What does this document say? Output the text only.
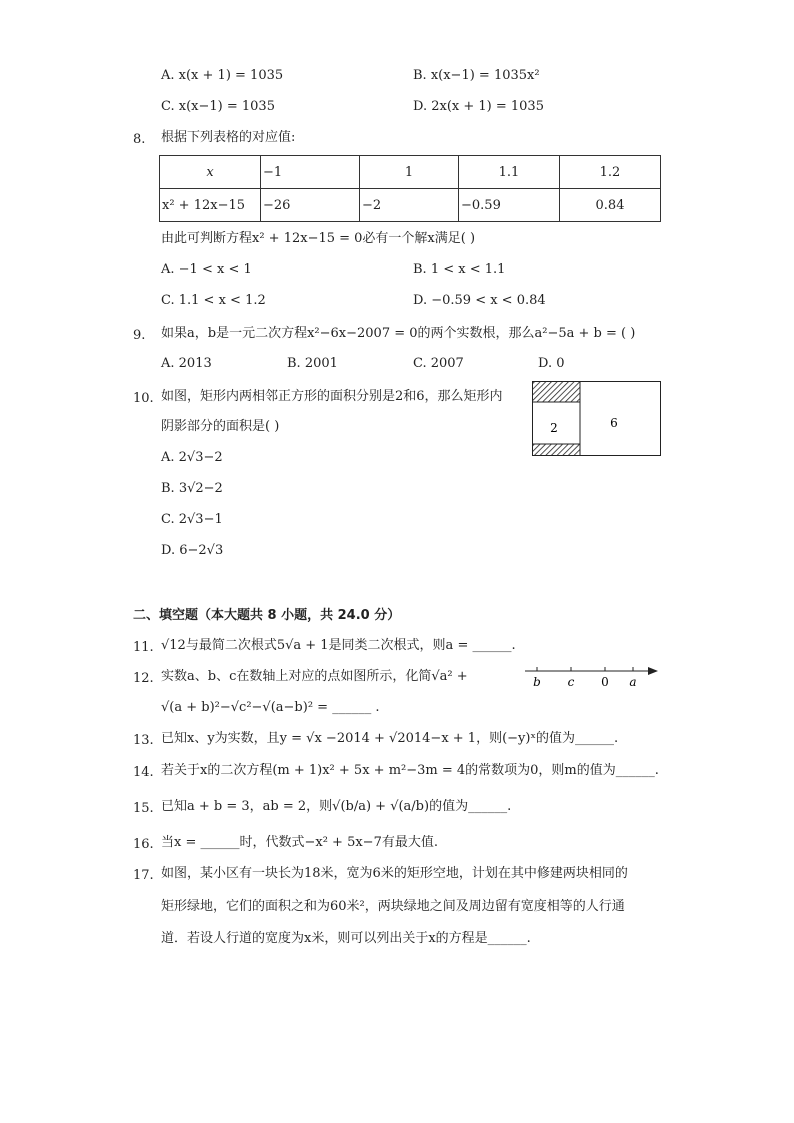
A. x(x + 1) = 1035	B. x(x−1) = 1035x²
C. x(x−1) = 1035	D. 2x(x + 1) = 1035
8. 根据下列表格的对应值:
x	−1	1	1.1	1.2
x² + 12x−15	−26	−2	−0.59	0.84
由此可判断方程x² + 12x−15 = 0必有一个解x满足( )
A. −1 < x < 1	B. 1 < x < 1.1
C. 1.1 < x < 1.2	D. −0.59 < x < 0.84
9. 如果a，b是一元二次方程x²−6x−2007 = 0的两个实数根，那么a²−5a + b = ( )
A. 2013	B. 2001	C. 2007	D. 0
10. 如图，矩形内两相邻正方形的面积分别是2和6，那么矩形内
阴影部分的面积是( )
A. 2√3−2
B. 3√2−2
C. 2√3−1
D. 6−2√3
2	6
二、填空题（本大题共 8 小题，共 24.0 分）
11. √12与最简二次根式5√a + 1是同类二次根式，则a = ______.
12. 实数a、b、c在数轴上对应的点如图所示，化简√a² +
√(a + b)²−√c²−√(a−b)² = ______ .
b c 0 a
13. 已知x、y为实数，且y = √x −2014 + √2014−x + 1，则(−y)ˣ的值为______.
14. 若关于x的二次方程(m + 1)x² + 5x + m²−3m = 4的常数项为0，则m的值为______.
15. 已知a + b = 3，ab = 2，则√(b/a) + √(a/b)的值为______.
16. 当x = ______时，代数式−x² + 5x−7有最大值.
17. 如图，某小区有一块长为18米，宽为6米的矩形空地，计划在其中修建两块相同的
矩形绿地，它们的面积之和为60米²，两块绿地之间及周边留有宽度相等的人行通
道．若设人行道的宽度为x米，则可以列出关于x的方程是______.
